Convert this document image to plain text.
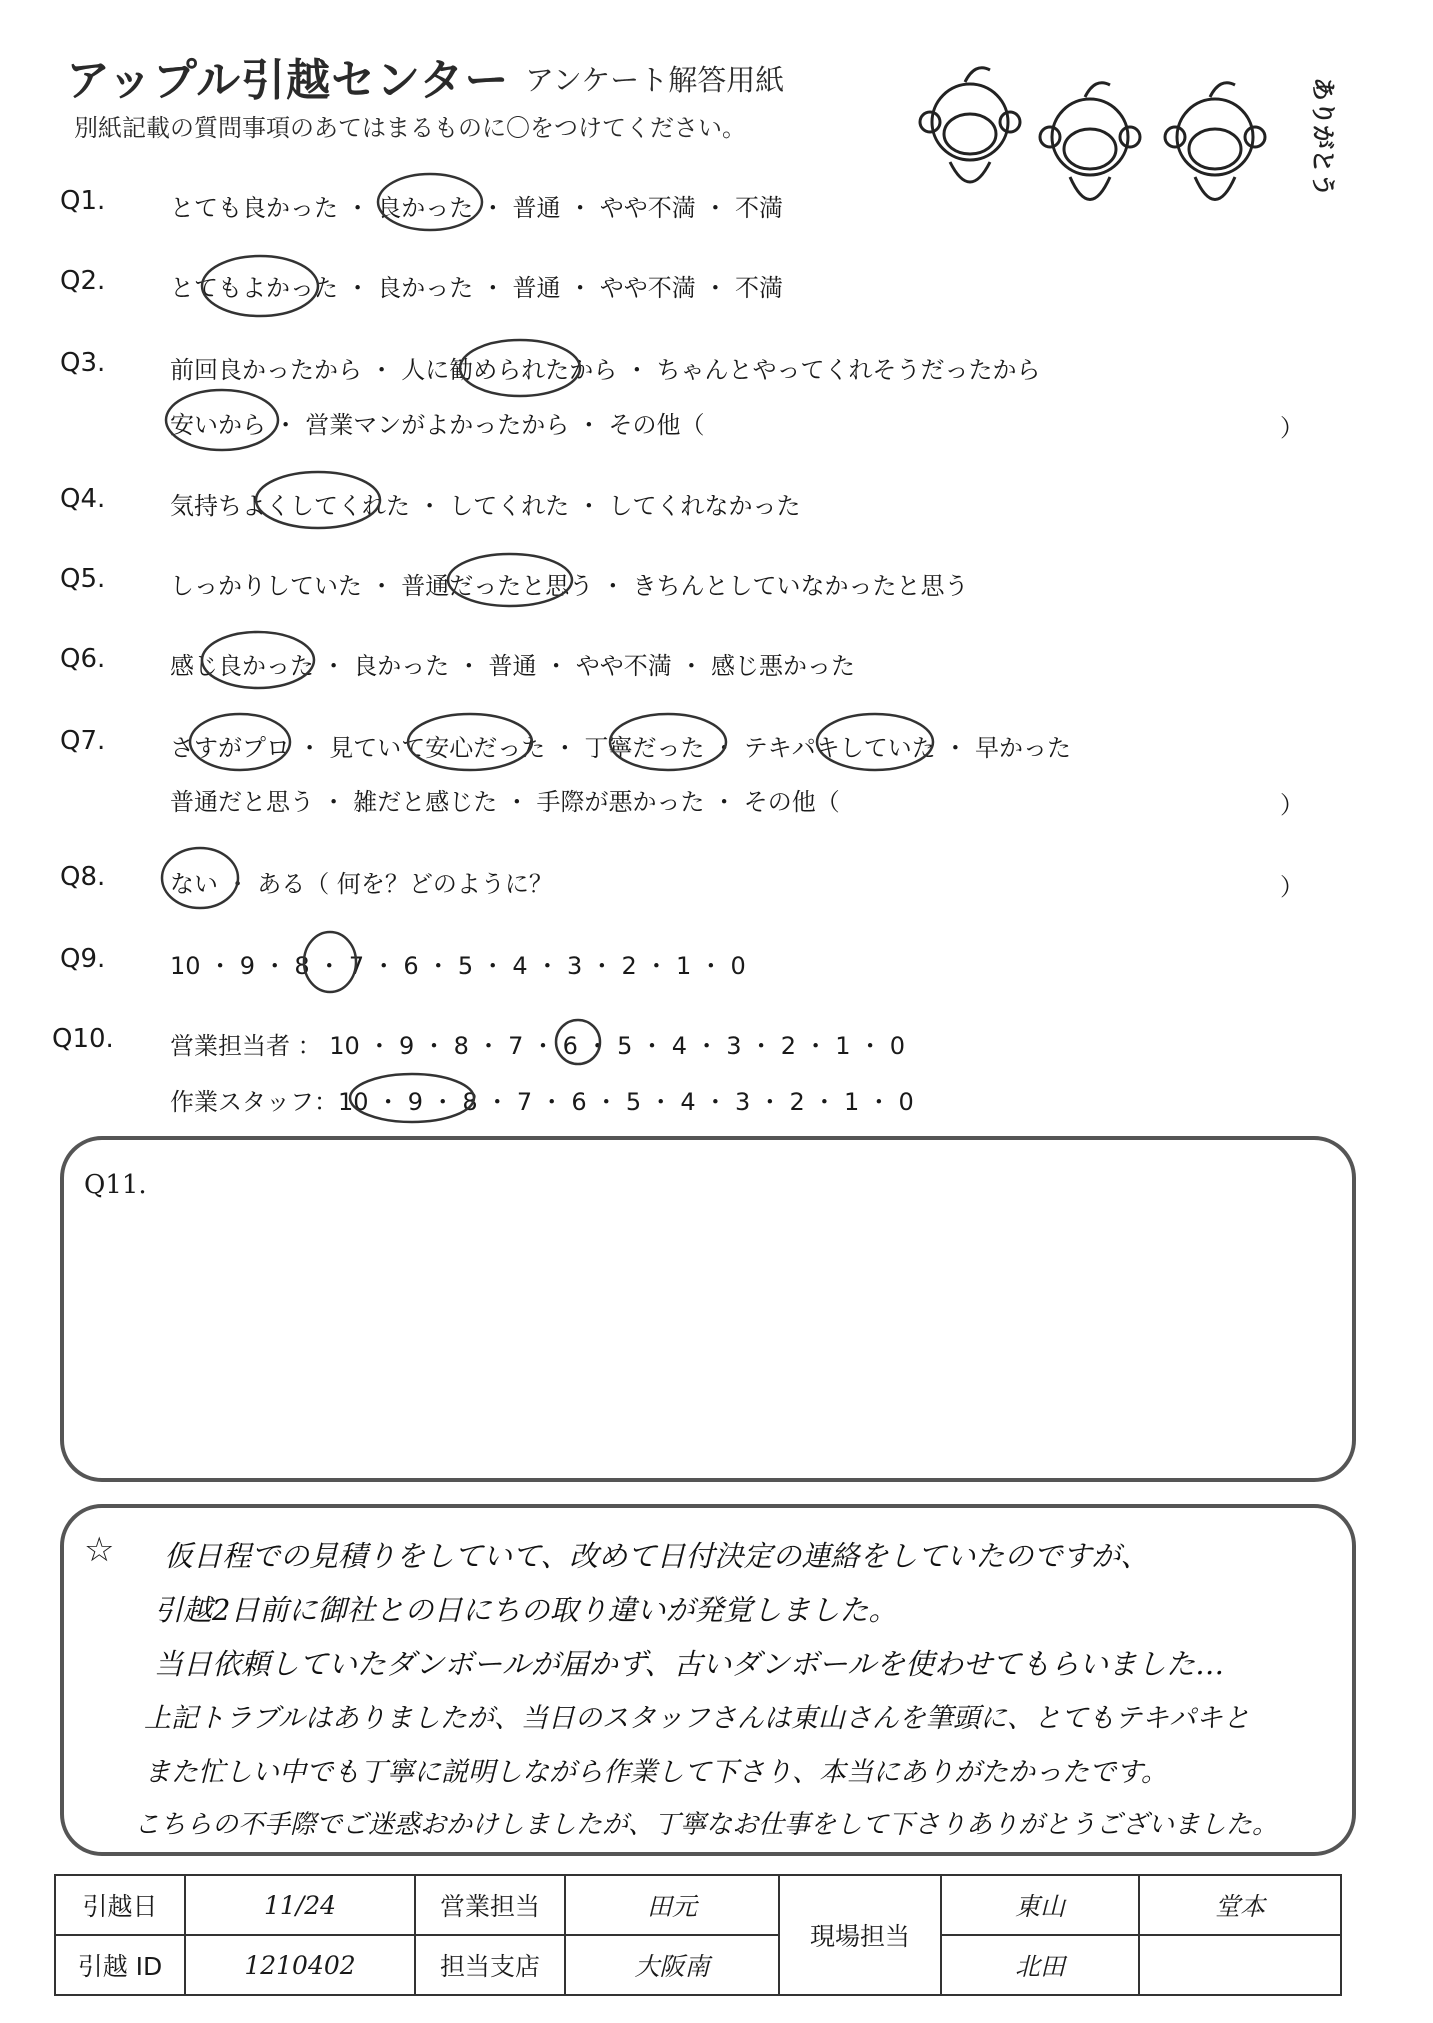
アップル引越センター アンケート解答用紙
別紙記載の質問事項のあてはまるものに〇をつけてください。	ありがとう
Q1.	とても良かった ・ 良かった ・ 普通 ・ やや不満 ・ 不満
Q2.	とてもよかった ・ 良かった ・ 普通 ・ やや不満 ・ 不満
Q3.	前回良かったから ・ 人に勧められたから ・ ちゃんとやってくれそうだったから
安いから ・ 営業マンがよかったから ・ その他（	）
Q4.	気持ちよくしてくれた ・ してくれた ・ してくれなかった
Q5.	しっかりしていた ・ 普通だったと思う ・ きちんとしていなかったと思う
Q6.	感じ良かった ・ 良かった ・ 普通 ・ やや不満 ・ 感じ悪かった
Q7.	さすがプロ ・ 見ていて安心だった ・ 丁寧だった ・ テキパキしていた ・ 早かった
普通だと思う ・ 雑だと感じた ・ 手際が悪かった ・ その他（	）
Q8.	ない ・ ある（ 何を？どのように？	）
Q9.	10 ・ 9 ・ 8 ・ 7 ・ 6 ・ 5 ・ 4 ・ 3 ・ 2 ・ 1 ・ 0
Q10. 営業担当者 ： 10 ・ 9 ・ 8 ・ 7 ・ 6 ・ 5 ・ 4 ・ 3 ・ 2 ・ 1 ・ 0
作業スタッフ：10 ・ 9 ・ 8 ・ 7 ・ 6 ・ 5 ・ 4 ・ 3 ・ 2 ・ 1 ・ 0
Q11.
☆ 仮日程での見積りをしていて、改めて日付決定の連絡をしていたのですが、
引越2日前に御社との日にちの取り違いが発覚しました。
当日依頼していたダンボールが届かず、古いダンボールを使わせてもらいました…
上記トラブルはありましたが、当日のスタッフさんは東山さんを筆頭に、とてもテキパキと
また忙しい中でも丁寧に説明しながら作業して下さり、本当にありがたかったです。
こちらの不手際でご迷惑おかけしましたが、丁寧なお仕事をして下さりありがとうございました。
引越日	11/24	営業担当	田元	現場担当	東山	堂本
引越 ID	1210402	担当支店	大阪南		北田	
